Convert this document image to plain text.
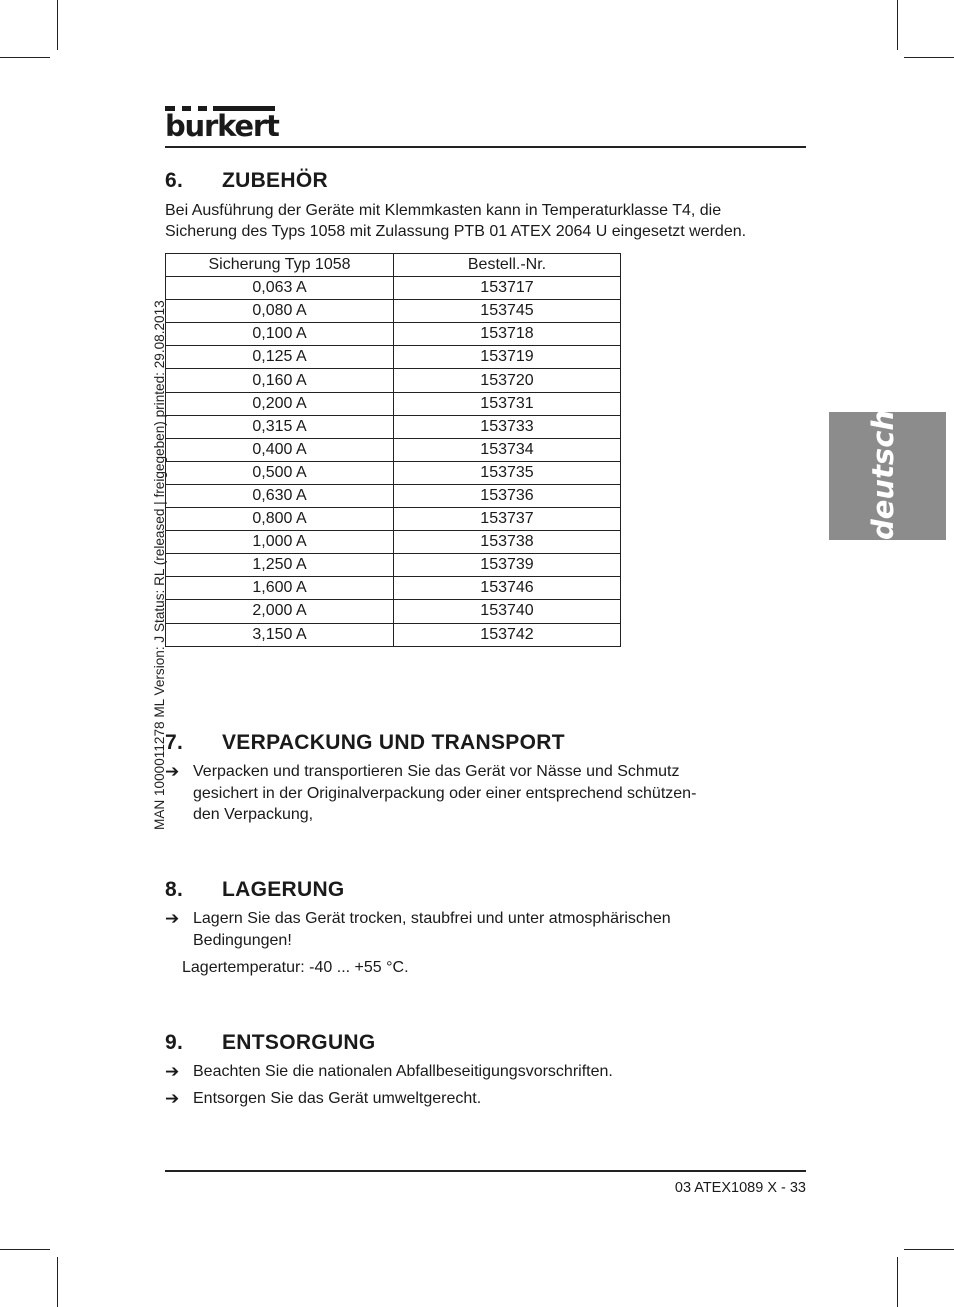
burkert
MAN 1000011278 ML Version: J Status: RL (released | freigegeben) printed: 29.08.2013	deutsch
6. ZUBEHÖR
Bei Ausführung der Geräte mit Klemmkasten kann in Temperaturklasse T4, die
Sicherung des Typs 1058 mit Zulassung PTB 01 ATEX 2064 U eingesetzt werden.
Sicherung Typ 1058	Bestell.-Nr.
0,063 A	153717
0,080 A	153745
0,100 A	153718
0,125 A	153719
0,160 A	153720
0,200 A	153731
0,315 A	153733
0,400 A	153734
0,500 A	153735
0,630 A	153736
0,800 A	153737
1,000 A	153738
1,250 A	153739
1,600 A	153746
2,000 A	153740
3,150 A	153742
7. VERPACKUNG UND TRANSPORT
➔ Verpacken und transportieren Sie das Gerät vor Nässe und Schmutz
gesichert in der Originalverpackung oder einer entsprechend schützen-
den Verpackung,
8. LAGERUNG
➔ Lagern Sie das Gerät trocken, staubfrei und unter atmosphärischen
Bedingungen!
Lagertemperatur: -40 ... +55 °C.
9. ENTSORGUNG
➔ Beachten Sie die nationalen Abfallbeseitigungsvorschriften.
➔ Entsorgen Sie das Gerät umweltgerecht.
03 ATEX1089 X - 33
